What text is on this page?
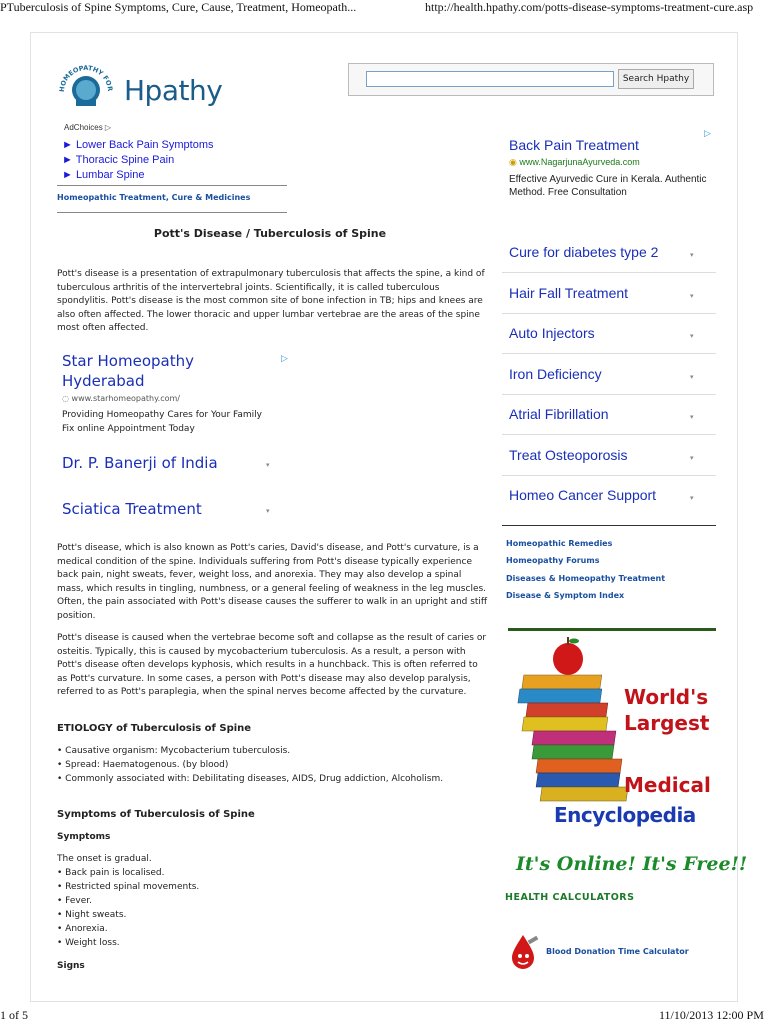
PTuberculosis of Spine Symptoms, Cure, Cause, Treatment, Homeopath...	http://health.hpathy.com/potts-disease-symptoms-treatment-cure.asp
1 of 5	11/10/2013 12:00 PM
HOMEOPATHY FOR Hpathy	Search Hpathy
AdChoices ▷
► Lower Back Pain Symptoms
► Thoracic Spine Pain
► Lumbar Spine
Homeopathic Treatment, Cure & Medicines
Pott's Disease / Tuberculosis of Spine
Pott's disease is a presentation of extrapulmonary tuberculosis that affects the spine, a kind of tuberculous arthritis of the intervertebral joints. Scientifically, it is called tuberculous spondylitis. Pott's disease is the most common site of bone infection in TB; hips and knees are also often affected. The lower thoracic and upper lumbar vertebrae are the areas of the spine most often affected.
▷
Star Homeopathy
Hyderabad
◌ www.starhomeopathy.com/
Providing Homeopathy Cares for Your Family Fix online Appointment Today
Dr. P. Banerji of India	▾
Sciatica Treatment	▾
Pott's disease, which is also known as Pott's caries, David's disease, and Pott's curvature, is a medical condition of the spine. Individuals suffering from Pott's disease typically experience back pain, night sweats, fever, weight loss, and anorexia. They may also develop a spinal mass, which results in tingling, numbness, or a general feeling of weakness in the leg muscles. Often, the pain associated with Pott's disease causes the sufferer to walk in an upright and stiff position.
Pott's disease is caused when the vertebrae become soft and collapse as the result of caries or osteitis. Typically, this is caused by mycobacterium tuberculosis. As a result, a person with Pott's disease often develops kyphosis, which results in a hunchback. This is often referred to as Pott's curvature. In some cases, a person with Pott's disease may also develop paralysis, referred to as Pott's paraplegia, when the spinal nerves become affected by the curvature.
ETIOLOGY of Tuberculosis of Spine
• Causative organism: Mycobacterium tuberculosis.
• Spread: Haematogenous. (by blood)
• Commonly associated with: Debilitating diseases, AIDS, Drug addiction, Alcoholism.
Symptoms of Tuberculosis of Spine
Symptoms
The onset is gradual.
• Back pain is localised.
• Restricted spinal movements.
• Fever.
• Night sweats.
• Anorexia.
• Weight loss.
Signs
▷
Back Pain Treatment
◉ www.NagarjunaAyurveda.com
Effective Ayurvedic Cure in Kerala. Authentic Method. Free Consultation
Cure for diabetes type 2	▾
Hair Fall Treatment	▾
Auto Injectors	▾
Iron Deficiency	▾
Atrial Fibrillation	▾
Treat Osteoporosis	▾
Homeo Cancer Support	▾
Homeopathic Remedies
Homeopathy Forums
Diseases & Homeopathy Treatment
Disease & Symptom Index
World's
Largest
Medical
Encyclopedia
It's Online! It's Free!!
HEALTH CALCULATORS
Blood Donation Time Calculator
